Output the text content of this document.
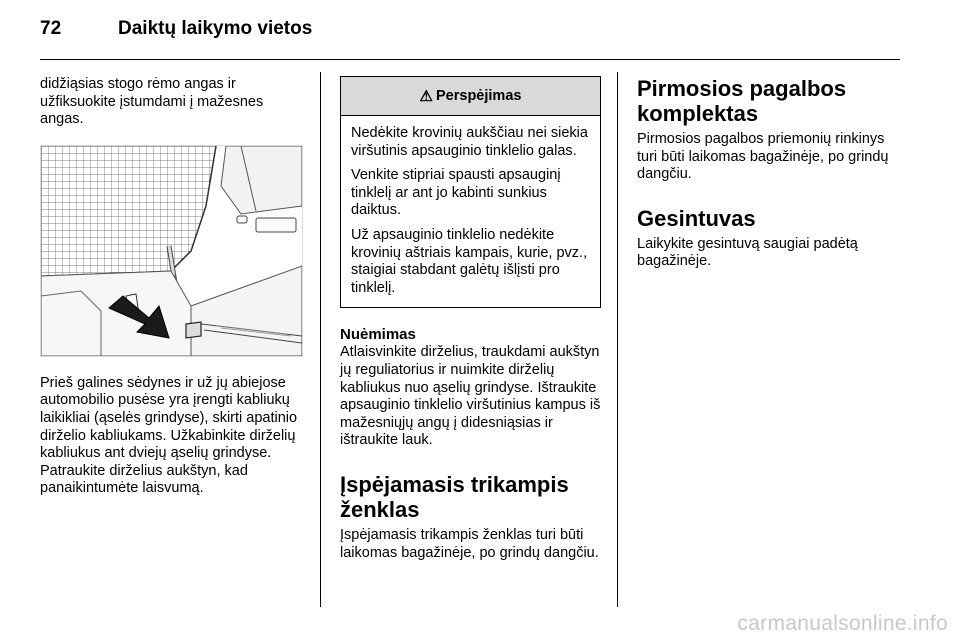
72	Daiktų laikymo vietos

didžiąsias stogo rėmo angas ir užfiksuokite įstumdami į mažesnes angas.

Prieš galines sėdynes ir už jų abiejose automobilio pusėse yra įrengti kabliukų laikikliai (ąselės grindyse), skirti apatinio dirželio kabliukams. Užkabinkite dirželių kabliukus ant dviejų ąselių grindyse. Patraukite dirželius aukštyn, kad panaikintumėte laisvumą.

⚠ Perspėjimas

Nedėkite krovinių aukščiau nei siekia viršutinis apsauginio tinklelio galas.

Venkite stipriai spausti apsauginį tinklelį ar ant jo kabinti sunkius daiktus.

Už apsauginio tinklelio nedėkite krovinių aštriais kampais, kurie, pvz., staigiai stabdant galėtų išlįsti pro tinklelį.

Nuėmimas

Atlaisvinkite dirželius, traukdami aukštyn jų reguliatorius ir nuimkite dirželių kabliukus nuo ąselių grindyse. Ištraukite apsauginio tinklelio viršutinius kampus iš mažesniųjų angų į didesniąsias ir ištraukite lauk.

Įspėjamasis trikampis ženklas

Įspėjamasis trikampis ženklas turi būti laikomas bagažinėje, po grindų dangčiu.

Pirmosios pagalbos komplektas

Pirmosios pagalbos priemonių rinkinys turi būti laikomas bagažinėje, po grindų dangčiu.

Gesintuvas

Laikykite gesintuvą saugiai padėtą bagažinėje.

carmanualsonline.info
